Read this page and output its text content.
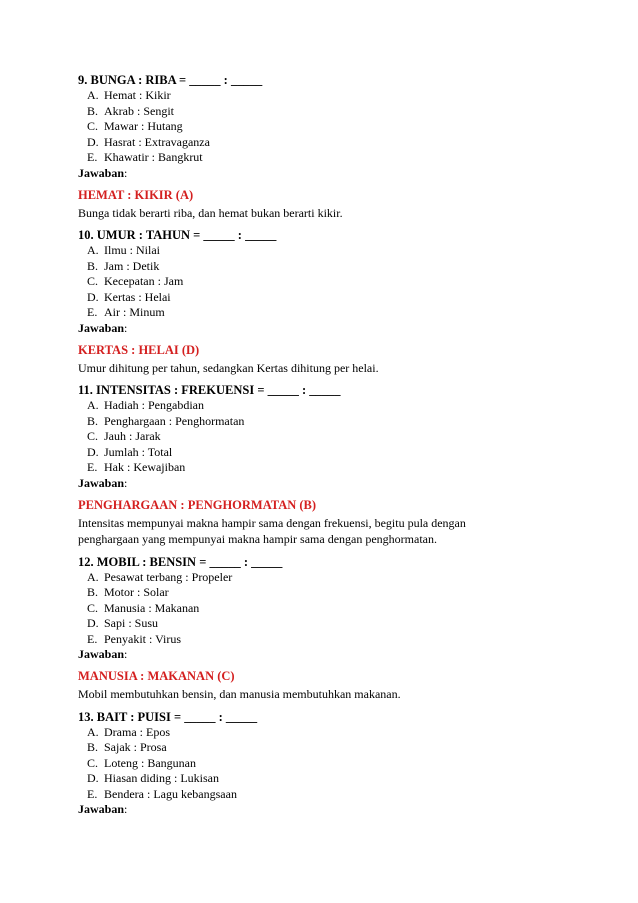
9. BUNGA : RIBA = _____ : _____
A. Hemat : Kikir
B. Akrab : Sengit
C. Mawar : Hutang
D. Hasrat : Extravaganza
E. Khawatir : Bangkrut
Jawaban:
HEMAT : KIKIR (A)
Bunga tidak berarti riba, dan hemat bukan berarti kikir.
10. UMUR : TAHUN = _____ : _____
A. Ilmu : Nilai
B. Jam : Detik
C. Kecepatan : Jam
D. Kertas : Helai
E. Air : Minum
Jawaban:
KERTAS : HELAI (D)
Umur dihitung per tahun, sedangkan Kertas dihitung per helai.
11. INTENSITAS : FREKUENSI = _____ : _____
A. Hadiah : Pengabdian
B. Penghargaan : Penghormatan
C. Jauh : Jarak
D. Jumlah : Total
E. Hak : Kewajiban
Jawaban:
PENGHARGAAN : PENGHORMATAN (B)
Intensitas mempunyai makna hampir sama dengan frekuensi, begitu pula dengan penghargaan yang mempunyai makna hampir sama dengan penghormatan.
12. MOBIL : BENSIN = _____ : _____
A. Pesawat terbang : Propeler
B. Motor : Solar
C. Manusia : Makanan
D. Sapi : Susu
E. Penyakit : Virus
Jawaban:
MANUSIA : MAKANAN (C)
Mobil membutuhkan bensin, dan manusia membutuhkan makanan.
13. BAIT : PUISI = _____ : _____
A. Drama : Epos
B. Sajak : Prosa
C. Loteng : Bangunan
D. Hiasan diding : Lukisan
E. Bendera : Lagu kebangsaan
Jawaban:
